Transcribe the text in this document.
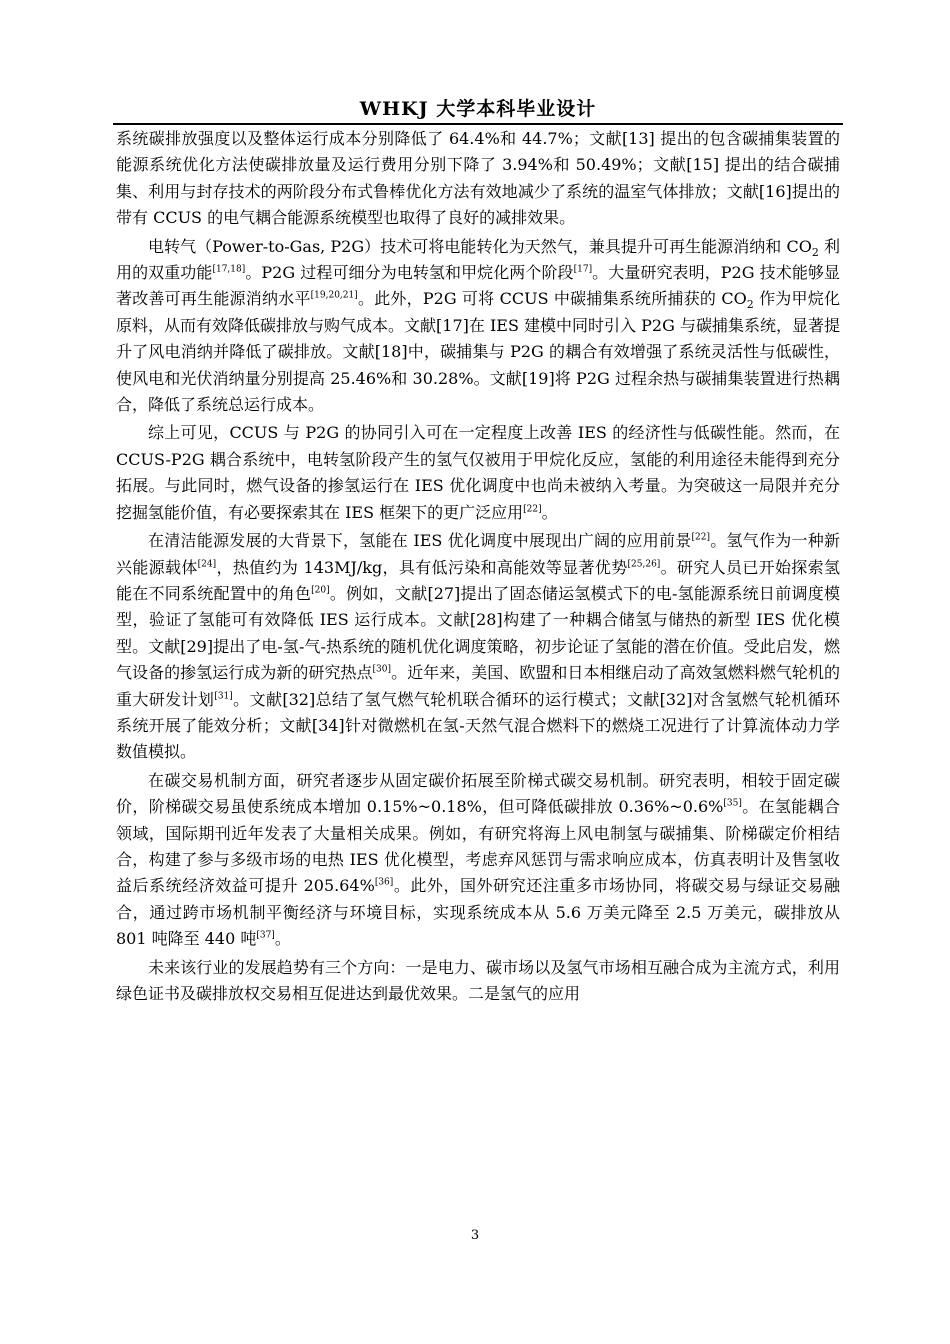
WHKJ 大学本科毕业设计

系统碳排放强度以及整体运行成本分别降低了 64.4%和 44.7%；文献[13] 提出的包含碳捕集装置的能源系统优化方法使碳排放量及运行费用分别下降了 3.94%和 50.49%；文献[15] 提出的结合碳捕集、利用与封存技术的两阶段分布式鲁棒优化方法有效地减少了系统的温室气体排放；文献[16]提出的带有 CCUS 的电气耦合能源系统模型也取得了良好的减排效果。

电转气（Power-to-Gas, P2G）技术可将电能转化为天然气，兼具提升可再生能源消纳和 $CO_2$ 利用的双重功能[17,18]。P2G 过程可细分为电转氢和甲烷化两个阶段[17]。大量研究表明，P2G 技术能够显著改善可再生能源消纳水平[19,20,21]。此外，P2G 可将 CCUS 中碳捕集系统所捕获的 $CO_2$ 作为甲烷化原料，从而有效降低碳排放与购气成本。文献[17]在 IES 建模中同时引入 P2G 与碳捕集系统，显著提升了风电消纳并降低了碳排放。文献[18]中，碳捕集与 P2G 的耦合有效增强了系统灵活性与低碳性，使风电和光伏消纳量分别提高 25.46%和 30.28%。文献[19]将 P2G 过程余热与碳捕集装置进行热耦合，降低了系统总运行成本。

综上可见，CCUS 与 P2G 的协同引入可在一定程度上改善 IES 的经济性与低碳性能。然而，在 CCUS-P2G 耦合系统中，电转氢阶段产生的氢气仅被用于甲烷化反应，氢能的利用途径未能得到充分拓展。与此同时，燃气设备的掺氢运行在 IES 优化调度中也尚未被纳入考量。为突破这一局限并充分挖掘氢能价值，有必要探索其在 IES 框架下的更广泛应用[22]。

在清洁能源发展的大背景下，氢能在 IES 优化调度中展现出广阔的应用前景[22]。氢气作为一种新兴能源载体[24]，热值约为 143MJ/kg，具有低污染和高能效等显著优势[25,26]。研究人员已开始探索氢能在不同系统配置中的角色[20]。例如，文献[27]提出了固态储运氢模式下的电-氢能源系统日前调度模型，验证了氢能可有效降低 IES 运行成本。文献[28]构建了一种耦合储氢与储热的新型 IES 优化模型。文献[29]提出了电-氢-气-热系统的随机优化调度策略，初步论证了氢能的潜在价值。受此启发，燃气设备的掺氢运行成为新的研究热点[30]。近年来，美国、欧盟和日本相继启动了高效氢燃料燃气轮机的重大研发计划[31]。文献[32]总结了氢气燃气轮机联合循环的运行模式；文献[32]对含氢燃气轮机循环系统开展了能效分析；文献[34]针对微燃机在氢-天然气混合燃料下的燃烧工况进行了计算流体动力学数值模拟。

在碳交易机制方面，研究者逐步从固定碳价拓展至阶梯式碳交易机制。研究表明，相较于固定碳价，阶梯碳交易虽使系统成本增加 0.15%~0.18%，但可降低碳排放 0.36%~0.6%[35]。在氢能耦合领域，国际期刊近年发表了大量相关成果。例如，有研究将海上风电制氢与碳捕集、阶梯碳定价相结合，构建了参与多级市场的电热 IES 优化模型，考虑弃风惩罚与需求响应成本，仿真表明计及售氢收益后系统经济效益可提升 205.64%[36]。此外，国外研究还注重多市场协同，将碳交易与绿证交易融合，通过跨市场机制平衡经济与环境目标，实现系统成本从 5.6 万美元降至 2.5 万美元，碳排放从 801 吨降至 440 吨[37]。

未来该行业的发展趋势有三个方向：一是电力、碳市场以及氢气市场相互融合成为主流方式，利用绿色证书及碳排放权交易相互促进达到最优效果。二是氢气的应用

3
